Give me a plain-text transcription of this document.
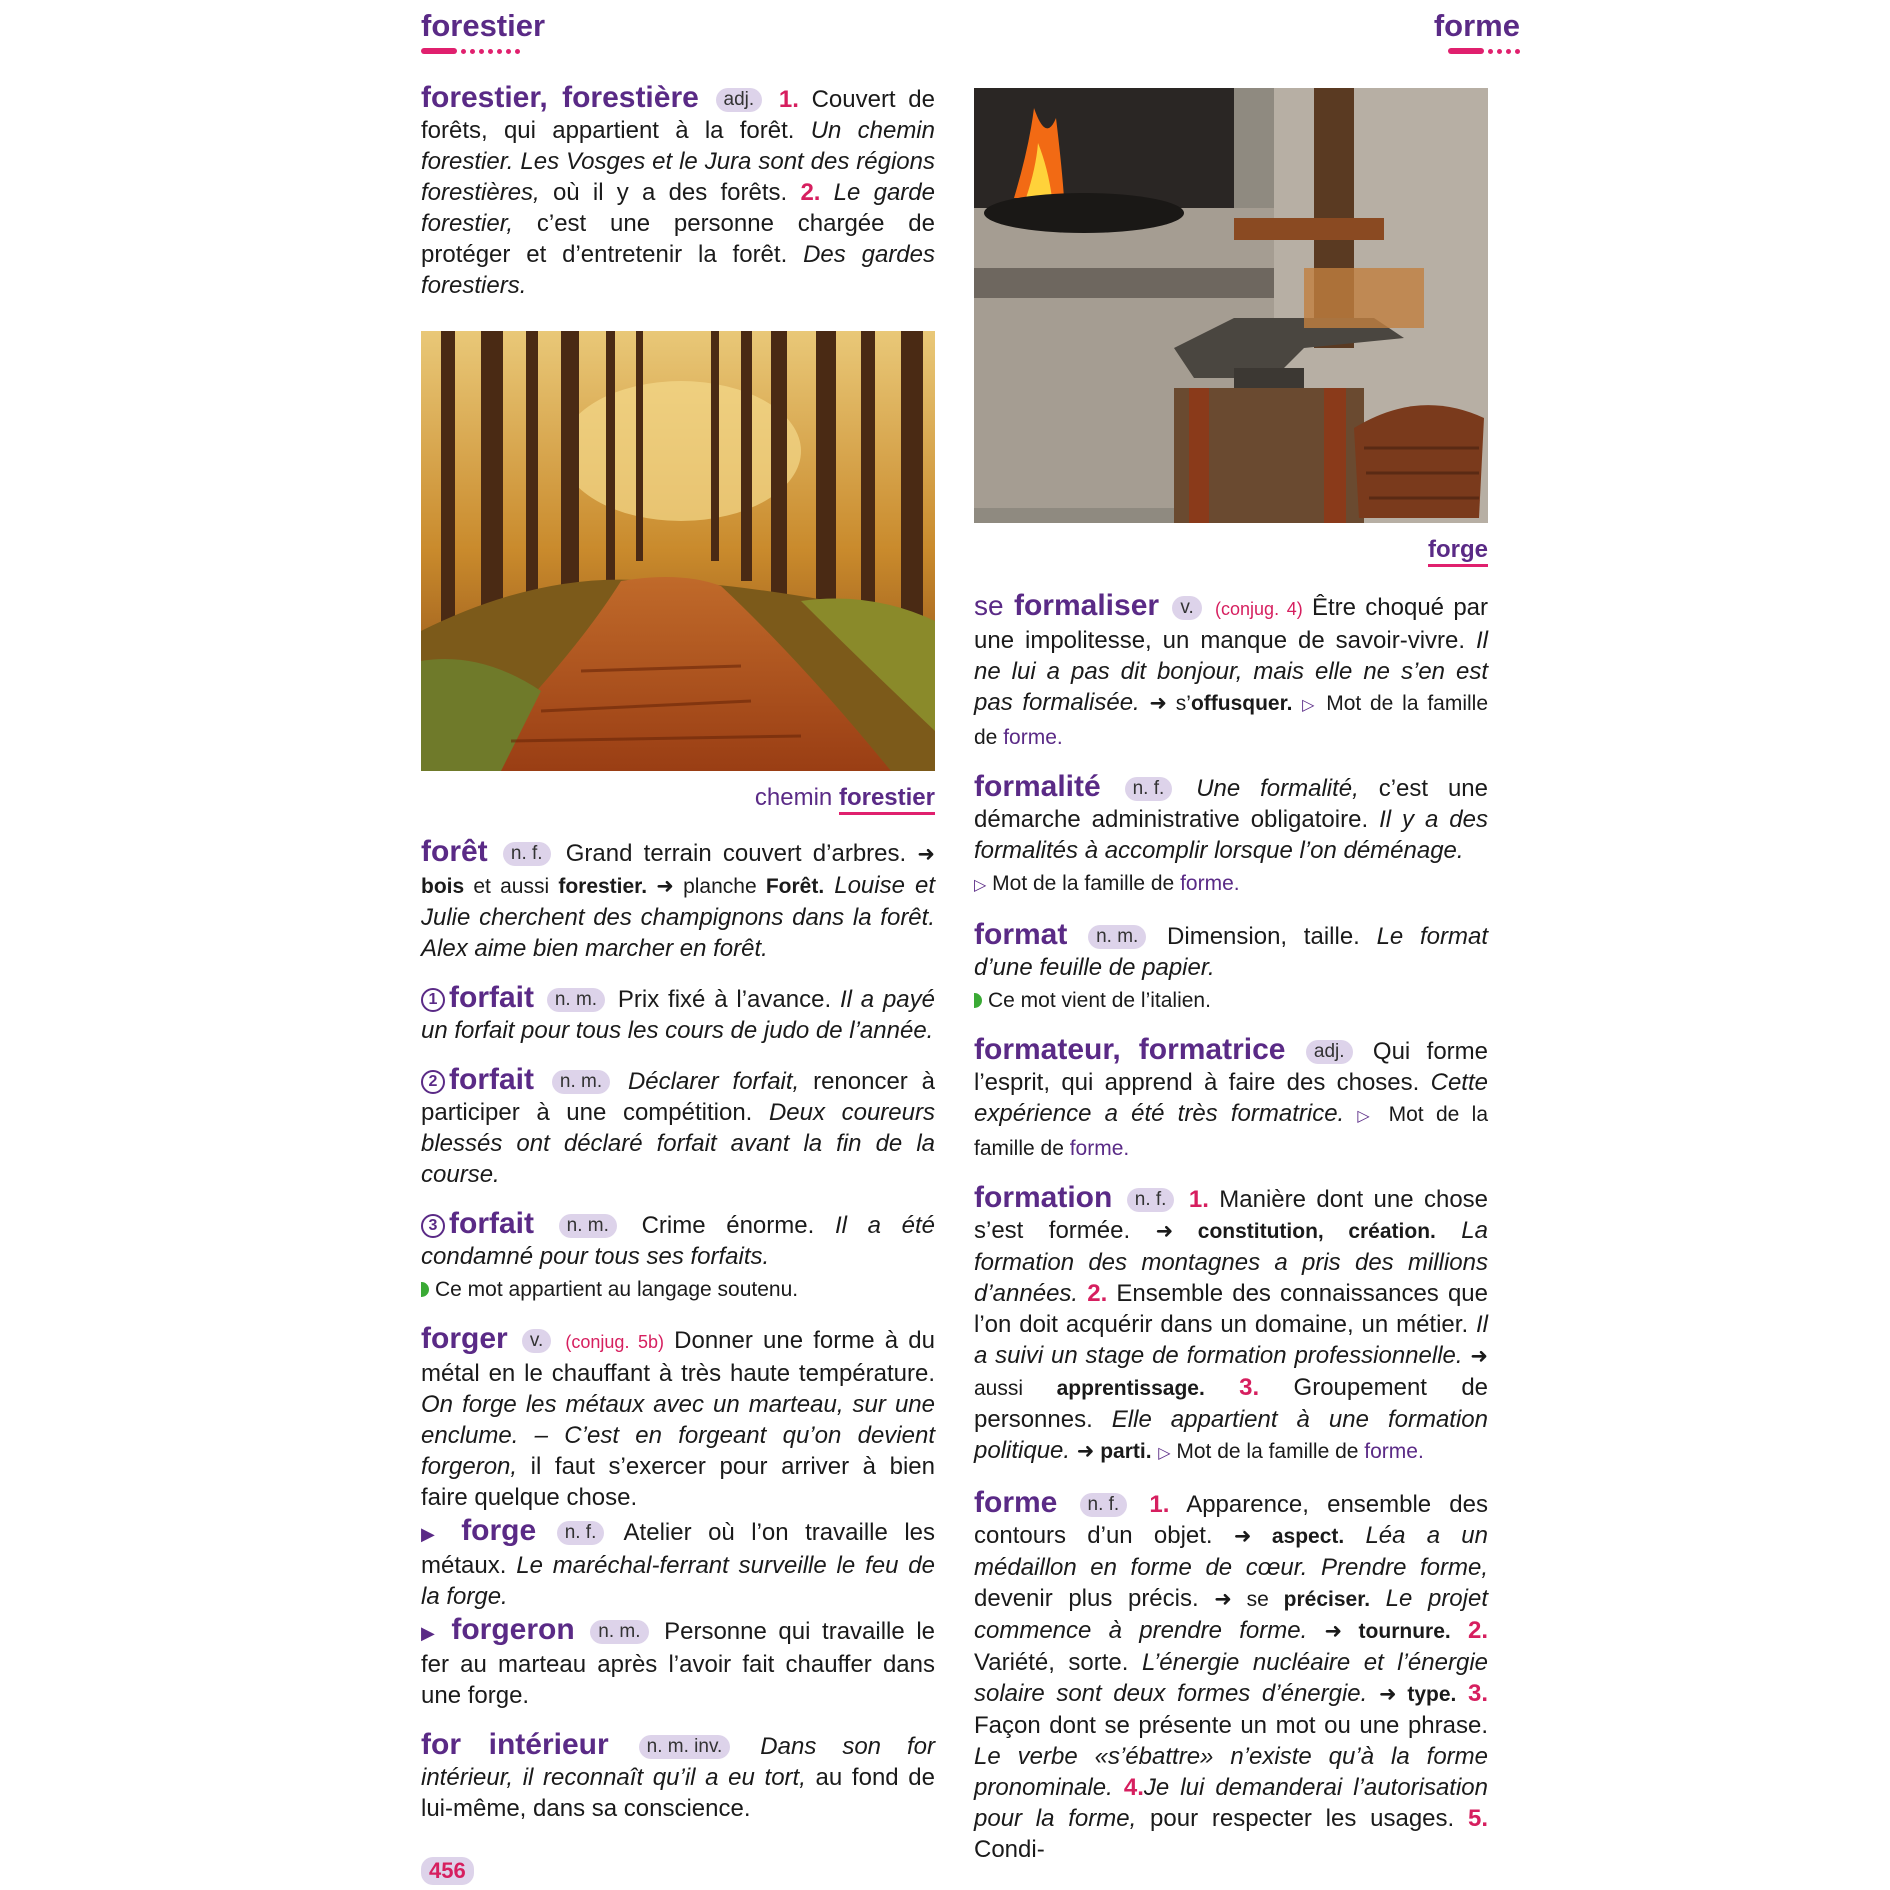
forestier	forme
forestier, forestière adj. 1. Couvert de forêts, qui appartient à la forêt. Un chemin forestier. Les Vosges et le Jura sont des régions forestières, où il y a des forêts. 2. Le garde forestier, c’est une personne chargée de protéger et d’entretenir la forêt. Des gardes forestiers.
chemin forestier
forêt n. f. Grand terrain couvert d’arbres. ➜ bois et aussi forestier. ➜ planche Forêt. Louise et Julie cherchent des champignons dans la forêt. Alex aime bien marcher en forêt.
1 forfait n. m. Prix fixé à l’avance. Il a payé un forfait pour tous les cours de judo de l’année.
2 forfait n. m. Déclarer forfait, renoncer à participer à une compétition. Deux coureurs blessés ont déclaré forfait avant la fin de la course.
3 forfait n. m. Crime énorme. Il a été condamné pour tous ses forfaits.
Ce mot appartient au langage soutenu.
forger v. (conjug. 5b) Donner une forme à du métal en le chauffant à très haute température. On forge les métaux avec un marteau, sur une enclume. – C’est en forgeant qu’on devient forgeron, il faut s’exercer pour arriver à bien faire quelque chose.
▶ forge n. f. Atelier où l’on travaille les métaux. Le maréchal-ferrant surveille le feu de la forge.
▶ forgeron n. m. Personne qui travaille le fer au marteau après l’avoir fait chauffer dans une forge.
for intérieur n. m. inv. Dans son for intérieur, il reconnaît qu’il a eu tort, au fond de lui-même, dans sa conscience.
forge
se formaliser v. (conjug. 4) Être choqué par une impolitesse, un manque de savoir-vivre. Il ne lui a pas dit bonjour, mais elle ne s’en est pas formalisée. ➜ s’offusquer. ▷ Mot de la famille de forme.
formalité n. f. Une formalité, c’est une démarche administrative obligatoire. Il y a des formalités à accomplir lorsque l’on déménage.
▷ Mot de la famille de forme.
format n. m. Dimension, taille. Le format d’une feuille de papier.
Ce mot vient de l’italien.
formateur, formatrice adj. Qui forme l’esprit, qui apprend à faire des choses. Cette expérience a été très formatrice. ▷ Mot de la famille de forme.
formation n. f. 1. Manière dont une chose s’est formée. ➜ constitution, création. La formation des montagnes a pris des millions d’années. 2. Ensemble des connaissances que l’on doit acquérir dans un domaine, un métier. Il a suivi un stage de formation professionnelle. ➜ aussi apprentissage. 3. Groupement de personnes. Elle appartient à une formation politique. ➜ parti. ▷ Mot de la famille de forme.
forme n. f. 1. Apparence, ensemble des contours d’un objet. ➜ aspect. Léa a un médaillon en forme de cœur. Prendre forme, devenir plus précis. ➜ se préciser. Le projet commence à prendre forme. ➜ tournure. 2. Variété, sorte. L’énergie nucléaire et l’énergie solaire sont deux formes d’énergie. ➜ type. 3. Façon dont se présente un mot ou une phrase. Le verbe «s’ébattre» n’existe qu’à la forme pronominale. 4.Je lui demanderai l’autorisation pour la forme, pour respecter les usages. 5. Condi-
456
